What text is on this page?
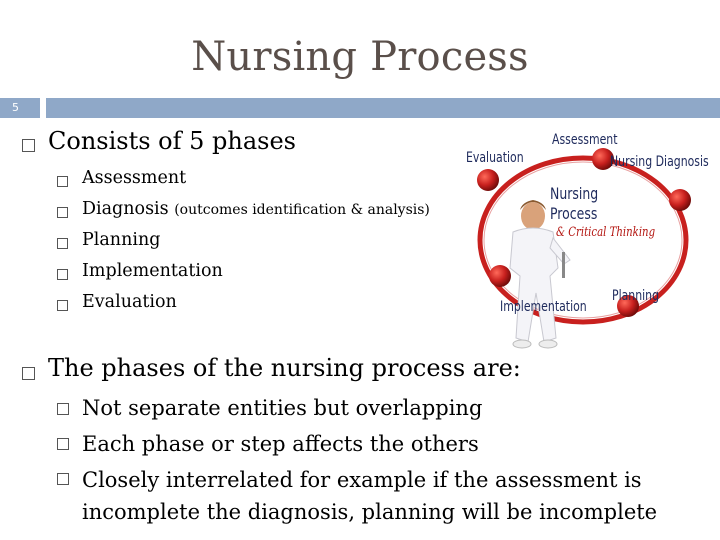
Nursing Process
5
Consists of 5 phases
Assessment
Diagnosis (outcomes identification & analysis)
Planning
Implementation
Evaluation
The phases of the nursing process are:
Not separate entities but overlapping
Each phase or step affects the others
Closely interrelated for example if the assessment is incomplete the diagnosis, planning will be incomplete
Assessment
Nursing Diagnosis
Evaluation
Nursing
Process
& Critical Thinking
Implementation
Planning
